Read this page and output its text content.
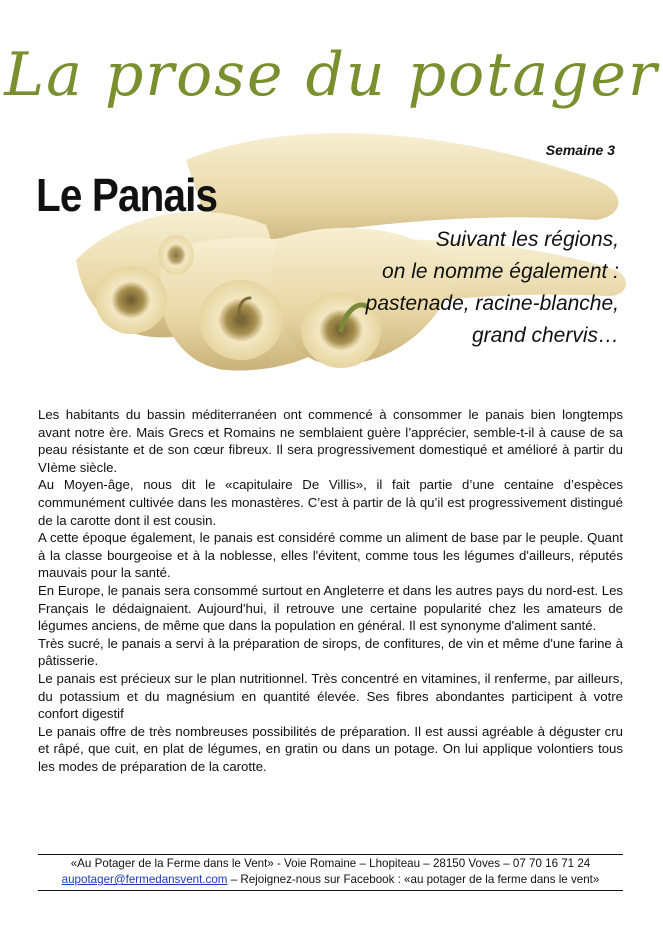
La prose du potager
Semaine 3
Le Panais
Suivant les régions,
on le nomme également :
pastenade, racine-blanche,
grand chervis…

Les habitants du bassin méditerranéen ont commencé à consommer le panais bien longtemps avant notre ère. Mais Grecs et Romains ne semblaient guère l’apprécier, semble-t-il à cause de sa peau résistante et de son cœur fibreux. Il sera progressivement domestiqué et amélioré à partir du VIème siècle.

Au Moyen-âge, nous dit le «capitulaire De Villis», il fait partie d’une centaine d’espèces communément cultivée dans les monastères. C’est à partir de là qu’il est progressivement distingué de la carotte dont il est cousin.

A cette époque également, le panais est considéré comme un aliment de base par le peuple. Quant à la classe bourgeoise et à la noblesse, elles l'évitent, comme tous les légumes d'ailleurs, réputés mauvais pour la santé.

En Europe, le panais sera consommé surtout en Angleterre et dans les autres pays du nord-est. Les Français le dédaignaient. Aujourd'hui, il retrouve une certaine popularité chez les amateurs de légumes anciens, de même que dans la population en général. Il est synonyme d'aliment santé.

Très sucré, le panais a servi à la préparation de sirops, de confitures, de vin et même d'une farine à pâtisserie.

Le panais est précieux sur le plan nutritionnel. Très concentré en vitamines, il renferme, par ailleurs, du potassium et du magnésium en quantité élevée. Ses fibres abondantes participent à votre confort digestif

Le panais offre de très nombreuses possibilités de préparation. Il est aussi agréable à déguster cru et râpé, que cuit, en plat de légumes, en gratin ou dans un potage. On lui applique volontiers tous les modes de préparation de la carotte.

«Au Potager de la Ferme dans le Vent» - Voie Romaine – Lhopiteau – 28150 Voves – 07 70 16 71 24
aupotager@fermedansvent.com – Rejoignez-nous sur Facebook : «au potager de la ferme dans le vent»
